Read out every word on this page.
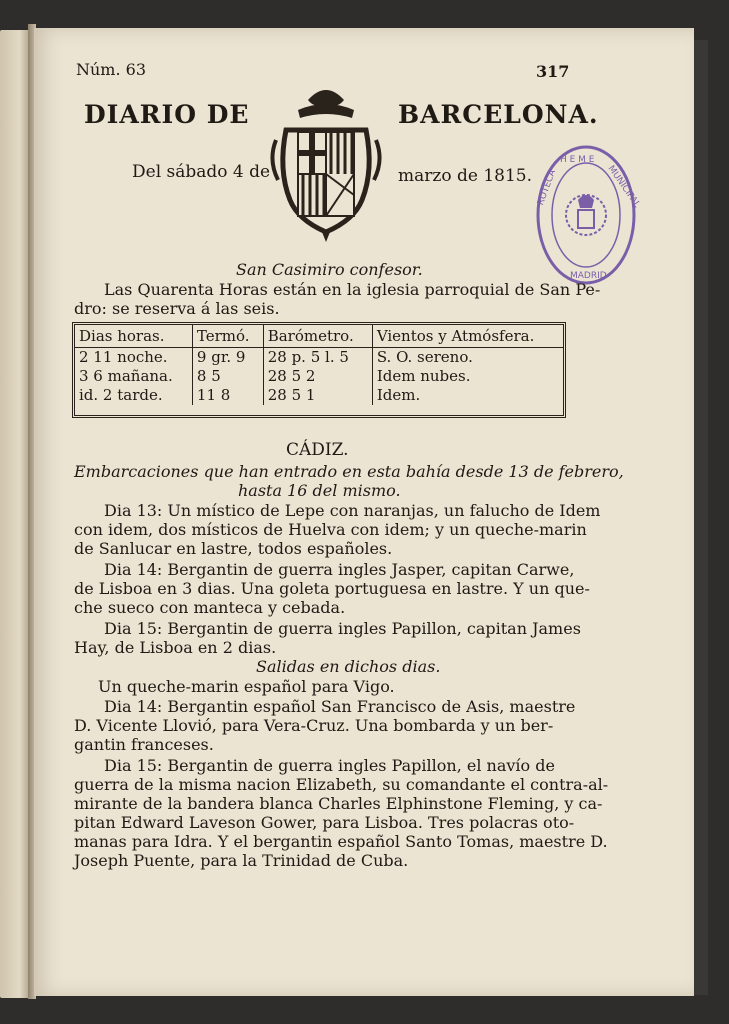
Núm. 63	317
DIARIO DE	BARCELONA.
Del sábado 4 de	marzo de 1815.
H E M E
ROTECA	MUNICIPAL
MADRID
San Casimiro confesor.
Las Quarenta Horas están en la iglesia parroquial de San Pe-
dro: se reserva á las seis.
Dias horas.	Termó.	Barómetro.	Vientos y Atmósfera.
2 11 noche.	9 gr. 9	28 p. 5 l. 5	S. O. sereno.
3 6 mañana.	8 5	28 5 2	Idem nubes.
id. 2 tarde.	11 8	28 5 1	Idem.
CÁDIZ.
Embarcaciones que han entrado en esta bahía desde 13 de febrero,
hasta 16 del mismo.
Dia 13: Un místico de Lepe con naranjas, un falucho de Idem
con idem, dos místicos de Huelva con idem; y un queche-marin
de Sanlucar en lastre, todos españoles.
Dia 14: Bergantin de guerra ingles Jasper, capitan Carwe,
de Lisboa en 3 dias. Una goleta portuguesa en lastre. Y un que-
che sueco con manteca y cebada.
Dia 15: Bergantin de guerra ingles Papillon, capitan James
Hay, de Lisboa en 2 dias.
Salidas en dichos dias.
Un queche-marin español para Vigo.
Dia 14: Bergantin español San Francisco de Asis, maestre
D. Vicente Llovió, para Vera-Cruz. Una bombarda y un ber-
gantin franceses.
Dia 15: Bergantin de guerra ingles Papillon, el navío de
guerra de la misma nacion Elizabeth, su comandante el contra-al-
mirante de la bandera blanca Charles Elphinstone Fleming, y ca-
pitan Edward Laveson Gower, para Lisboa. Tres polacras oto-
manas para Idra. Y el bergantin español Santo Tomas, maestre D.
Joseph Puente, para la Trinidad de Cuba.
